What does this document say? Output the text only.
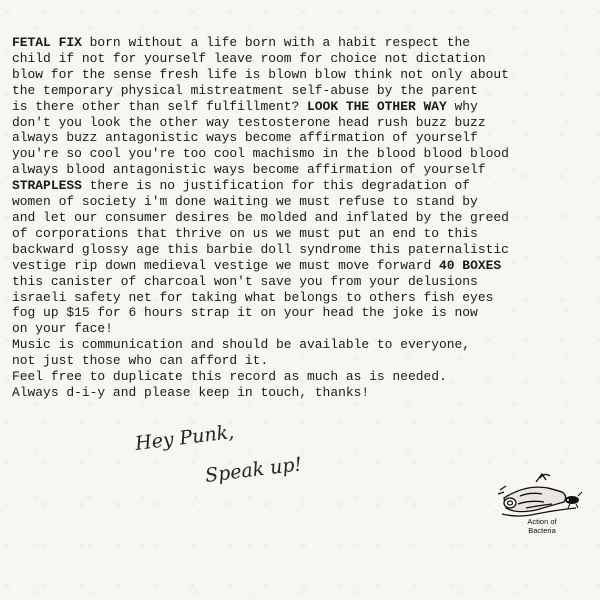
FETAL FIX born without a life born with a habit respect the
child if not for yourself leave room for choice not dictation
blow for the sense fresh life is blown blow think not only about
the temporary physical mistreatment self-abuse by the parent
is there other than self fulfillment? LOOK THE OTHER WAY why
don't you look the other way testosterone head rush buzz buzz
always buzz antagonistic ways become affirmation of yourself
you're so cool you're too cool machismo in the blood blood blood
always blood antagonistic ways become affirmation of yourself
STRAPLESS there is no justification for this degradation of
women of society i'm done waiting we must refuse to stand by
and let our consumer desires be molded and inflated by the greed
of corporations that thrive on us we must put an end to this
backward glossy age this barbie doll syndrome this paternalistic
vestige rip down medieval vestige we must move forward 40 BOXES
this canister of charcoal won't save you from your delusions
israeli safety net for taking what belongs to others fish eyes
fog up $15 for 6 hours strap it on your head the joke is now
on your face!
Music is communication and should be available to everyone,
not just those who can afford it.
Feel free to duplicate this record as much as is needed.
Always d-i-y and please keep in touch, thanks!
Hey Punk,
Speak up!
Action of
Bacteria
